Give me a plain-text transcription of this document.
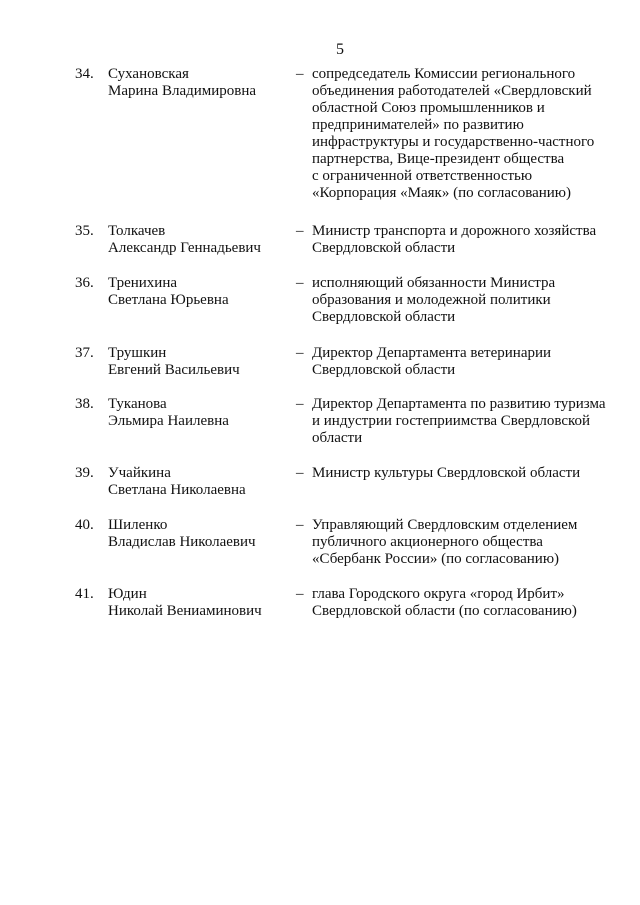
5
34. Сухановская
Марина Владимировна
– сопредседатель Комиссии регионального
объединения работодателей «Свердловский
областной Союз промышленников и
предпринимателей» по развитию
инфраструктуры и государственно-частного
партнерства, Вице-президент общества
с ограниченной ответственностью
«Корпорация «Маяк» (по согласованию)
35. Толкачев
Александр Геннадьевич
– Министр транспорта и дорожного хозяйства
Свердловской области
36. Тренихина
Светлана Юрьевна
– исполняющий обязанности Министра
образования и молодежной политики
Свердловской области
37. Трушкин
Евгений Васильевич
– Директор Департамента ветеринарии
Свердловской области
38. Туканова
Эльмира Наилевна
– Директор Департамента по развитию туризма
и индустрии гостеприимства Свердловской
области
39. Учайкина
Светлана Николаевна
– Министр культуры Свердловской области
40. Шиленко
Владислав Николаевич
– Управляющий Свердловским отделением
публичного акционерного общества
«Сбербанк России» (по согласованию)
41. Юдин
Николай Вениаминович
– глава Городского округа «город Ирбит»
Свердловской области (по согласованию)
